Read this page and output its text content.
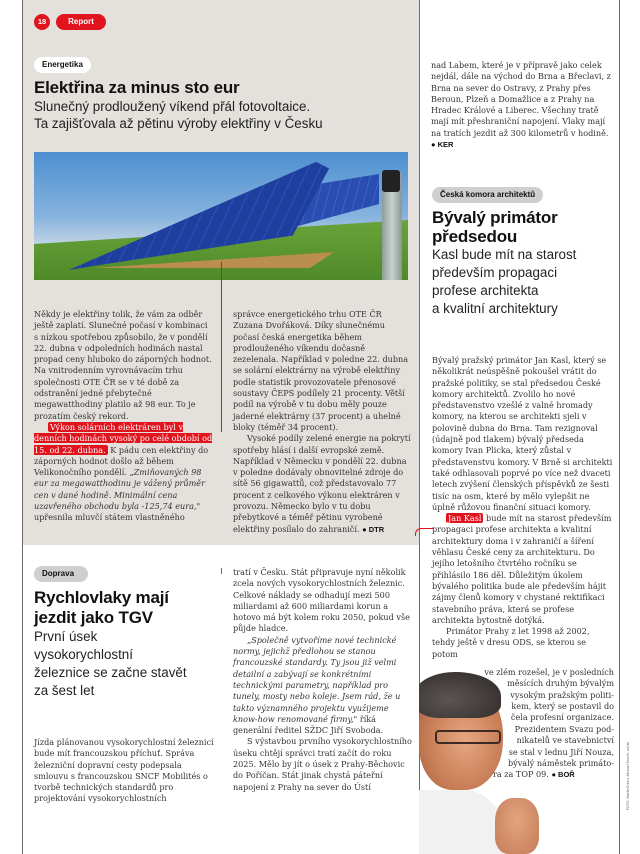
18	Report
Energetika
Elektřina za minus sto eur
Slunečný prodloužený víkend přál fotovoltaice.
Ta zajišťovala až pětinu výroby elektřiny v Česku

Někdy je elektřiny tolik, že vám za odběr ještě zaplatí. Slunečné počasí v kombinaci s nízkou spotřebou způsobilo, že v pondělí 22. dubna v odpoledních hodinách nastal propad ceny hluboko do záporných hodnot. Na vnitrodenním vyrovnávacím trhu společnosti OTE ČR se v té době za odstranění jedné přebytečné megawatthodiny platilo až 98 eur. To je prozatím český rekord.

Výkon solárních elektráren byl v denních hodinách vysoký po celé období od 15. od 22. dubna. K pádu cen elektřiny do záporných hodnot došlo až během Velikonočního pondělí. „Zmiňovaných 98 eur za megawatthodinu je vážený průměr cen v dané hodině. Minimální cena uzavřeného obchodu byla -125,74 eura," upřesnila mluvčí státem vlastněného

správce energetického trhu OTE ČR Zuzana Dvořáková. Díky slunečnému počasí česká energetika během prodlouženého víkendu dočasně zezelenala. Například v poledne 22. dubna se solární elektrárny na výrobě elektřiny podle statistik provozovatele přenosové soustavy ČEPS podílely 21 procenty. Větší podíl na výrobě v tu dobu měly pouze jaderné elektrárny (37 procent) a uhelné bloky (téměř 34 procent).

Vysoké podíly zelené energie na pokrytí spotřeby hlásí i další evropské země. Například v Německu v pondělí 22. dubna v poledne dodávaly obnovitelné zdroje do sítě 56 gigawattů, což představovalo 77 procent z celkového výkonu elektráren v provozu. Německo bylo v tu dobu přebytkové a téměř pětinu vyrobené elektřiny posílalo do zahraničí. ● DTR

Doprava
Rychlovlaky mají
jezdit jako TGV
První úsek
vysokorychlostní
železnice se začne stavět
za šest let

Jízda plánovanou vysokorychlostní železnicí bude mít francouzskou příchuť. Správa železniční dopravní cesty podepsala smlouvu s francouzskou SNCF Mobilités o tvorbě technických standardů pro projektování vysokorychlostních

tratí v Česku. Stát připravuje nyní několik zcela nových vysokorychlostních železnic. Celkové náklady se odhadují mezi 500 miliardami až 600 miliardami korun a hotovo má být kolem roku 2050, pokud vše půjde hladce.

„Společně vytvoříme nové technické normy, jejichž předlohou se stanou francouzské standardy. Ty jsou již velmi detailní a zabývají se konkrétními technickými parametry, například pro tunely, mosty nebo koleje. Jsem rád, že u takto významného projektu využijeme know-how renomované firmy," říká generální ředitel SŽDC Jiří Svoboda.

S výstavbou prvního vysokorychlostního úseku chtějí správci tratí začít do roku 2025. Mělo by jít o úsek z Prahy-Běchovic do Poříčan. Stát jinak chystá páteřní napojení z Prahy na sever do Ústí

nad Labem, které je v přípravě jako celek nejdál, dále na východ do Brna a Břeclavi, z Brna na sever do Ostravy, z Prahy přes Beroun, Plzeň a Domažlice a z Prahy na Hradec Králové a Liberec. Všechny tratě mají mít přeshraniční napojení. Vlaky mají na tratích jezdit až 300 kilometrů v hodině. ● KER

Česká komora architektů
Bývalý primátor
předsedou
Kasl bude mít na starost
především propagaci
profese architekta
a kvalitní architektury

Bývalý pražský primátor Jan Kasl, který se několikrát neúspěšně pokoušel vrátit do pražské politiky, se stal předsedou České komory architektů. Zvolilo ho nové představenstvo vzešlé z valné hromady komory, na kterou se architekti sjeli v polovině dubna do Brna. Tam rezignoval (údajně pod tlakem) bývalý předseda komory Ivan Plicka, který zůstal v představenstvu komory. V Brně si architekti také odhlasovali poprvé po více než dvaceti letech zvýšení členských příspěvků ze šesti tisíc na osm, které by mělo vylepšit ne úplně růžovou finanční situaci komory.

Jan Kasl bude mít na starost především propagaci profese architekta a kvalitní architektury doma i v zahraničí a šíření věhlasu České ceny za architekturu. Do jejího letošního čtvrtého ročníku se přihlásilo 186 děl. Důležitým úkolem bývalého politika bude ale především hájit zájmy členů komory v chystané rektifikaci stavebního práva, která se profese architekta bytostně dotýká.

Primátor Prahy z let 1998 až 2002, tehdy ještě v dresu ODS, se kterou se potom

ve zlém rozešel, je v posledních
měsících druhým bývalým
vysokým pražským politi-
kem, který se postavil do
čela profesní organizace.
Prezidentem Svazu pod-
nikatelů ve stavebnictví
se stal v lednu Jiří Nouza,
bývalý náměstek primáto-
ra za TOP 09. ● BOŘ	FOTO: Martin Erben, Michael Tomeš, archiv
